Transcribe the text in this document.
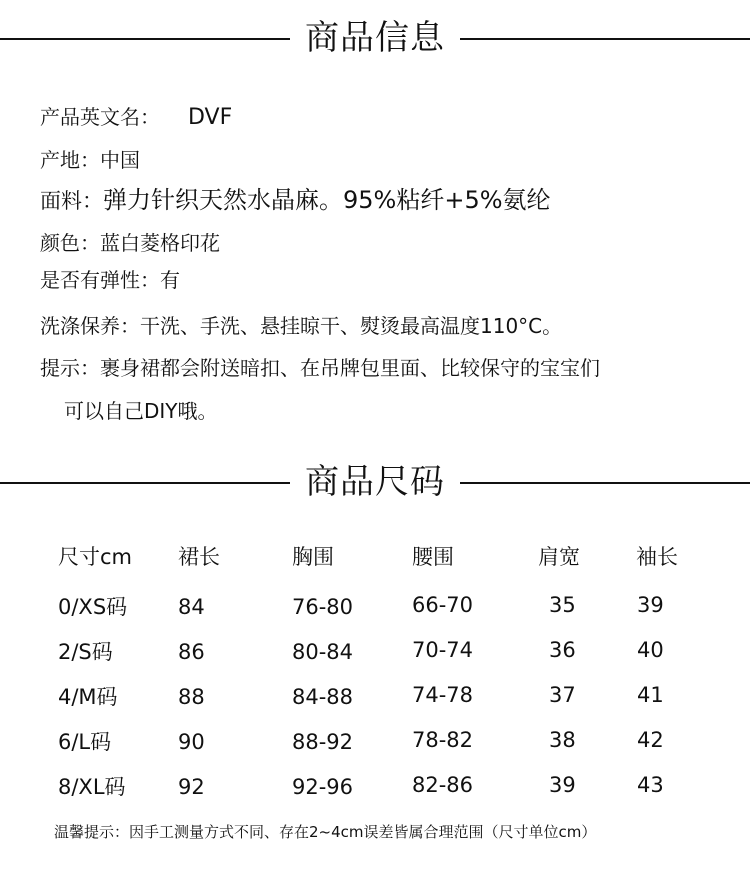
商品信息
产品英文名： DVF
产地：中国
面料：弹力针织天然水晶麻。95%粘纤+5%氨纶
颜色：蓝白菱格印花
是否有弹性：有
洗涤保养：干洗、手洗、悬挂晾干、熨烫最高温度110°C。
提示：裹身裙都会附送暗扣、在吊牌包里面、比较保守的宝宝们
可以自己DIY哦。
商品尺码
尺寸cm 裙长	胸围	腰围	肩宽	袖长
0/XS码 84	76-80	66-70	35	39
2/S码	86	80-84	70-74	36	40
4/M码	88	84-88	74-78	37	41
6/L码	90	88-92	78-82	38	42
8/XL码 92	92-96	82-86	39	43
温馨提示：因手工测量方式不同、存在2~4cm误差皆属合理范围（尺寸单位cm）
